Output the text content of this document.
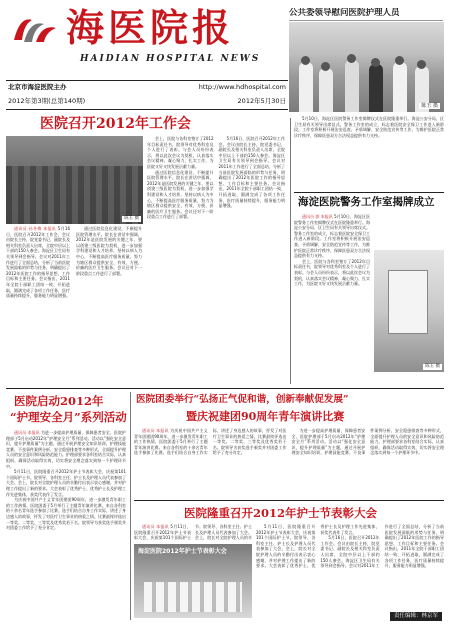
海医院报
HAIDIAN HOSPITAL NEWS
公共委领导慰问医院护理人员
陈玉 摄
北京市海淀医院主办	http://www.hdhospital.com
2012年第3期(总第140期)	2012年5月30日
医院召开2012年工作会
陈玉 摄

通讯员 孙冬梅 本报讯 5月16日，医院召开2012年工作会。会议由院长主持，院党委书记、副院长及相关科室负责人出席，全院中层以上干部约150人参会。海淀区卫生局有关领导到会指导。会议对2011年工作进行了全面总结，分析了当前医院发展面临的形势与任务，明确提出了2012年医院工作的指导思想、工作目标和主要任务。会议指出，2011年全院干部职工团结一致、开拓进取，圆满完成了各项工作任务，医疗质量持续提升，服务能力明显增强。

通过医院信息化建设，不断提升医院管理水平。院长在讲话中强调，2012年是医院发展的关键之年，要以创建三级医院为契机，进一步加强学科建设和人才培养，坚持以病人为中心，不断提高医疗服务质量，努力为辖区群众提供安全、有效、方便、价廉的医疗卫生服务。会议还对下一阶段重点工作进行了部署。

会上，医院与各科室签订了2012年目标责任书，院领导对优秀科室及个人进行了表彰。与会人员纷纷表示，将以此次会议为契机，认真落实会议精神，凝心聚力、扎实工作，为医院又好又快发展贡献力量。

通过医院信息化建设，不断提升医院管理水平。院长在讲话中强调，2012年是医院发展的关键之年，要以创建三级医院为契机，进一步加强学科建设和人才培养，坚持以病人为中心，不断提高医疗服务质量，努力为辖区群众提供安全、有效、方便、价廉的医疗卫生服务。会议还对下一阶段重点工作进行了部署。

5月16日，医院召开2012年工作会。会议由院长主持，院党委书记、副院长及相关科室负责人出席，全院中层以上干部约150人参会。海淀区卫生局有关领导到会指导。会议对2011年工作进行了全面总结，分析了当前医院发展面临的形势与任务，明确提出了2012年医院工作的指导思想、工作目标和主要任务。会议指出，2011年全院干部职工团结一致、开拓进取，圆满完成了各项工作任务，医疗质量持续提升，服务能力明显增强。

5月10日，海淀区医院警务工作室揭牌仪式在医院隆重举行。海淀公安分局、区卫生局有关领导出席仪式。警务工作室的成立，标志着医院安全保卫工作进入新阶段。工作室将积极开展治安巡查、矛盾调解、安全防范宣传等工作，为维护医院正常诊疗秩序、保障医患双方合法权益提供有力支持。

海淀医院警务工作室揭牌成立

通讯员 郭 本报讯 5月10日，海淀区医院警务工作室揭牌仪式在医院隆重举行。海淀公安分局、区卫生局有关领导出席仪式。警务工作室的成立，标志着医院安全保卫工作进入新阶段。工作室将积极开展治安巡查、矛盾调解、安全防范宣传等工作，为维护医院正常诊疗秩序、保障医患双方合法权益提供有力支持。

会上，医院与各科室签订了2012年目标责任书，院领导对优秀科室及个人进行了表彰。与会人员纷纷表示，将以此次会议为契机，认真落实会议精神，凝心聚力、扎实工作，为医院又好又快发展贡献力量。

陈玉 摄
医院启动2012年
“护理安全月”系列活动

通讯员 本报讯 为进一步提高护理质量，保障患者安全，医院护理部于5月启动2012年“护理安全月”系列活动。活动以“强化安全意识，提升护理质量”为主题，通过开展护理安全知识培训、护理技能竞赛、不良事件案例分析、安全隐患排查等多种形式，全面提升护理人员的安全意识和风险防范能力。护理部要求各科室结合实际，认真组织，确保活动取得实效，切实将安全理念落实到每一个护理环节中。

5月11日，医院隆重召开2012年护士节表彰大会，庆祝第101个国际护士节。院领导、各科室主任、护士长及护理人员代表参加了大会。会上，院长对全院护理人员的辛勤付出表示衷心感谢，并对护理工作提出了新的要求。大会表彰了优秀护士、优秀护士长及护理工作先进集体，获奖代表作了发言。

为庆祝中国共产主义青年团建团90周年，进一步激发青年职工的工作热情，医院团委于5月举行了主题青年演讲比赛。来自各科室的十余名青年选手参加了比赛。选手们结合自身工作实际，讲述了身边感人的故事，抒发了对医疗卫生事业的热爱之情。比赛最终评选出一等奖、二等奖、三等奖及优秀奖若干名。院领导为获奖选手颁奖并对团委工作给予了充分肯定。

医院团委举行“弘扬正气促和谐，创新奉献促发展”
暨庆祝建团90周年青年演讲比赛

通讯员 本报讯 为庆祝中国共产主义青年团建团90周年，进一步激发青年职工的工作热情，医院团委于5月举行了主题青年演讲比赛。来自各科室的十余名青年选手参加了比赛。选手们结合自身工作实际，讲述了身边感人的故事，抒发了对医疗卫生事业的热爱之情。比赛最终评选出一等奖、二等奖、三等奖及优秀奖若干名。院领导为获奖选手颁奖并对团委工作给予了充分肯定。

为进一步提高护理质量，保障患者安全，医院护理部于5月启动2012年“护理安全月”系列活动。活动以“强化安全意识，提升护理质量”为主题，通过开展护理安全知识培训、护理技能竞赛、不良事件案例分析、安全隐患排查等多种形式，全面提升护理人员的安全意识和风险防范能力。护理部要求各科室结合实际，认真组织，确保活动取得实效，切实将安全理念落实到每一个护理环节中。

医院隆重召开2012年护士节表彰大会

通讯员 本报讯 5月11日，医院隆重召开2012年护士节表彰大会，庆祝第101个国际护士节。院领导、各科室主任、护士长及护理人员代表参加了大会。会上，院长对全院护理人员的辛

海淀医院2012年护士节表彰大会

5月11日，医院隆重召开2012年护士节表彰大会，庆祝第101个国际护士节。院领导、各科室主任、护士长及护理人员代表参加了大会。会上，院长对全院护理人员的辛勤付出表示衷心感谢，并对护理工作提出了新的要求。大会表彰了优秀护士、优秀护士长及护理工作先进集体，获奖代表作了发言。

5月16日，医院召开2012年工作会。会议由院长主持，院党委书记、副院长及相关科室负责人出席，全院中层以上干部约150人参会。海淀区卫生局有关领导到会指导。会议对2011年工作进行了全面总结，分析了当前医院发展面临的形势与任务，明确提出了2012年医院工作的指导思想、工作目标和主要任务。会议指出，2011年全院干部职工团结一致、开拓进取，圆满完成了各项工作任务，医疗质量持续提升，服务能力明显增强。

责任编辑：林京军
